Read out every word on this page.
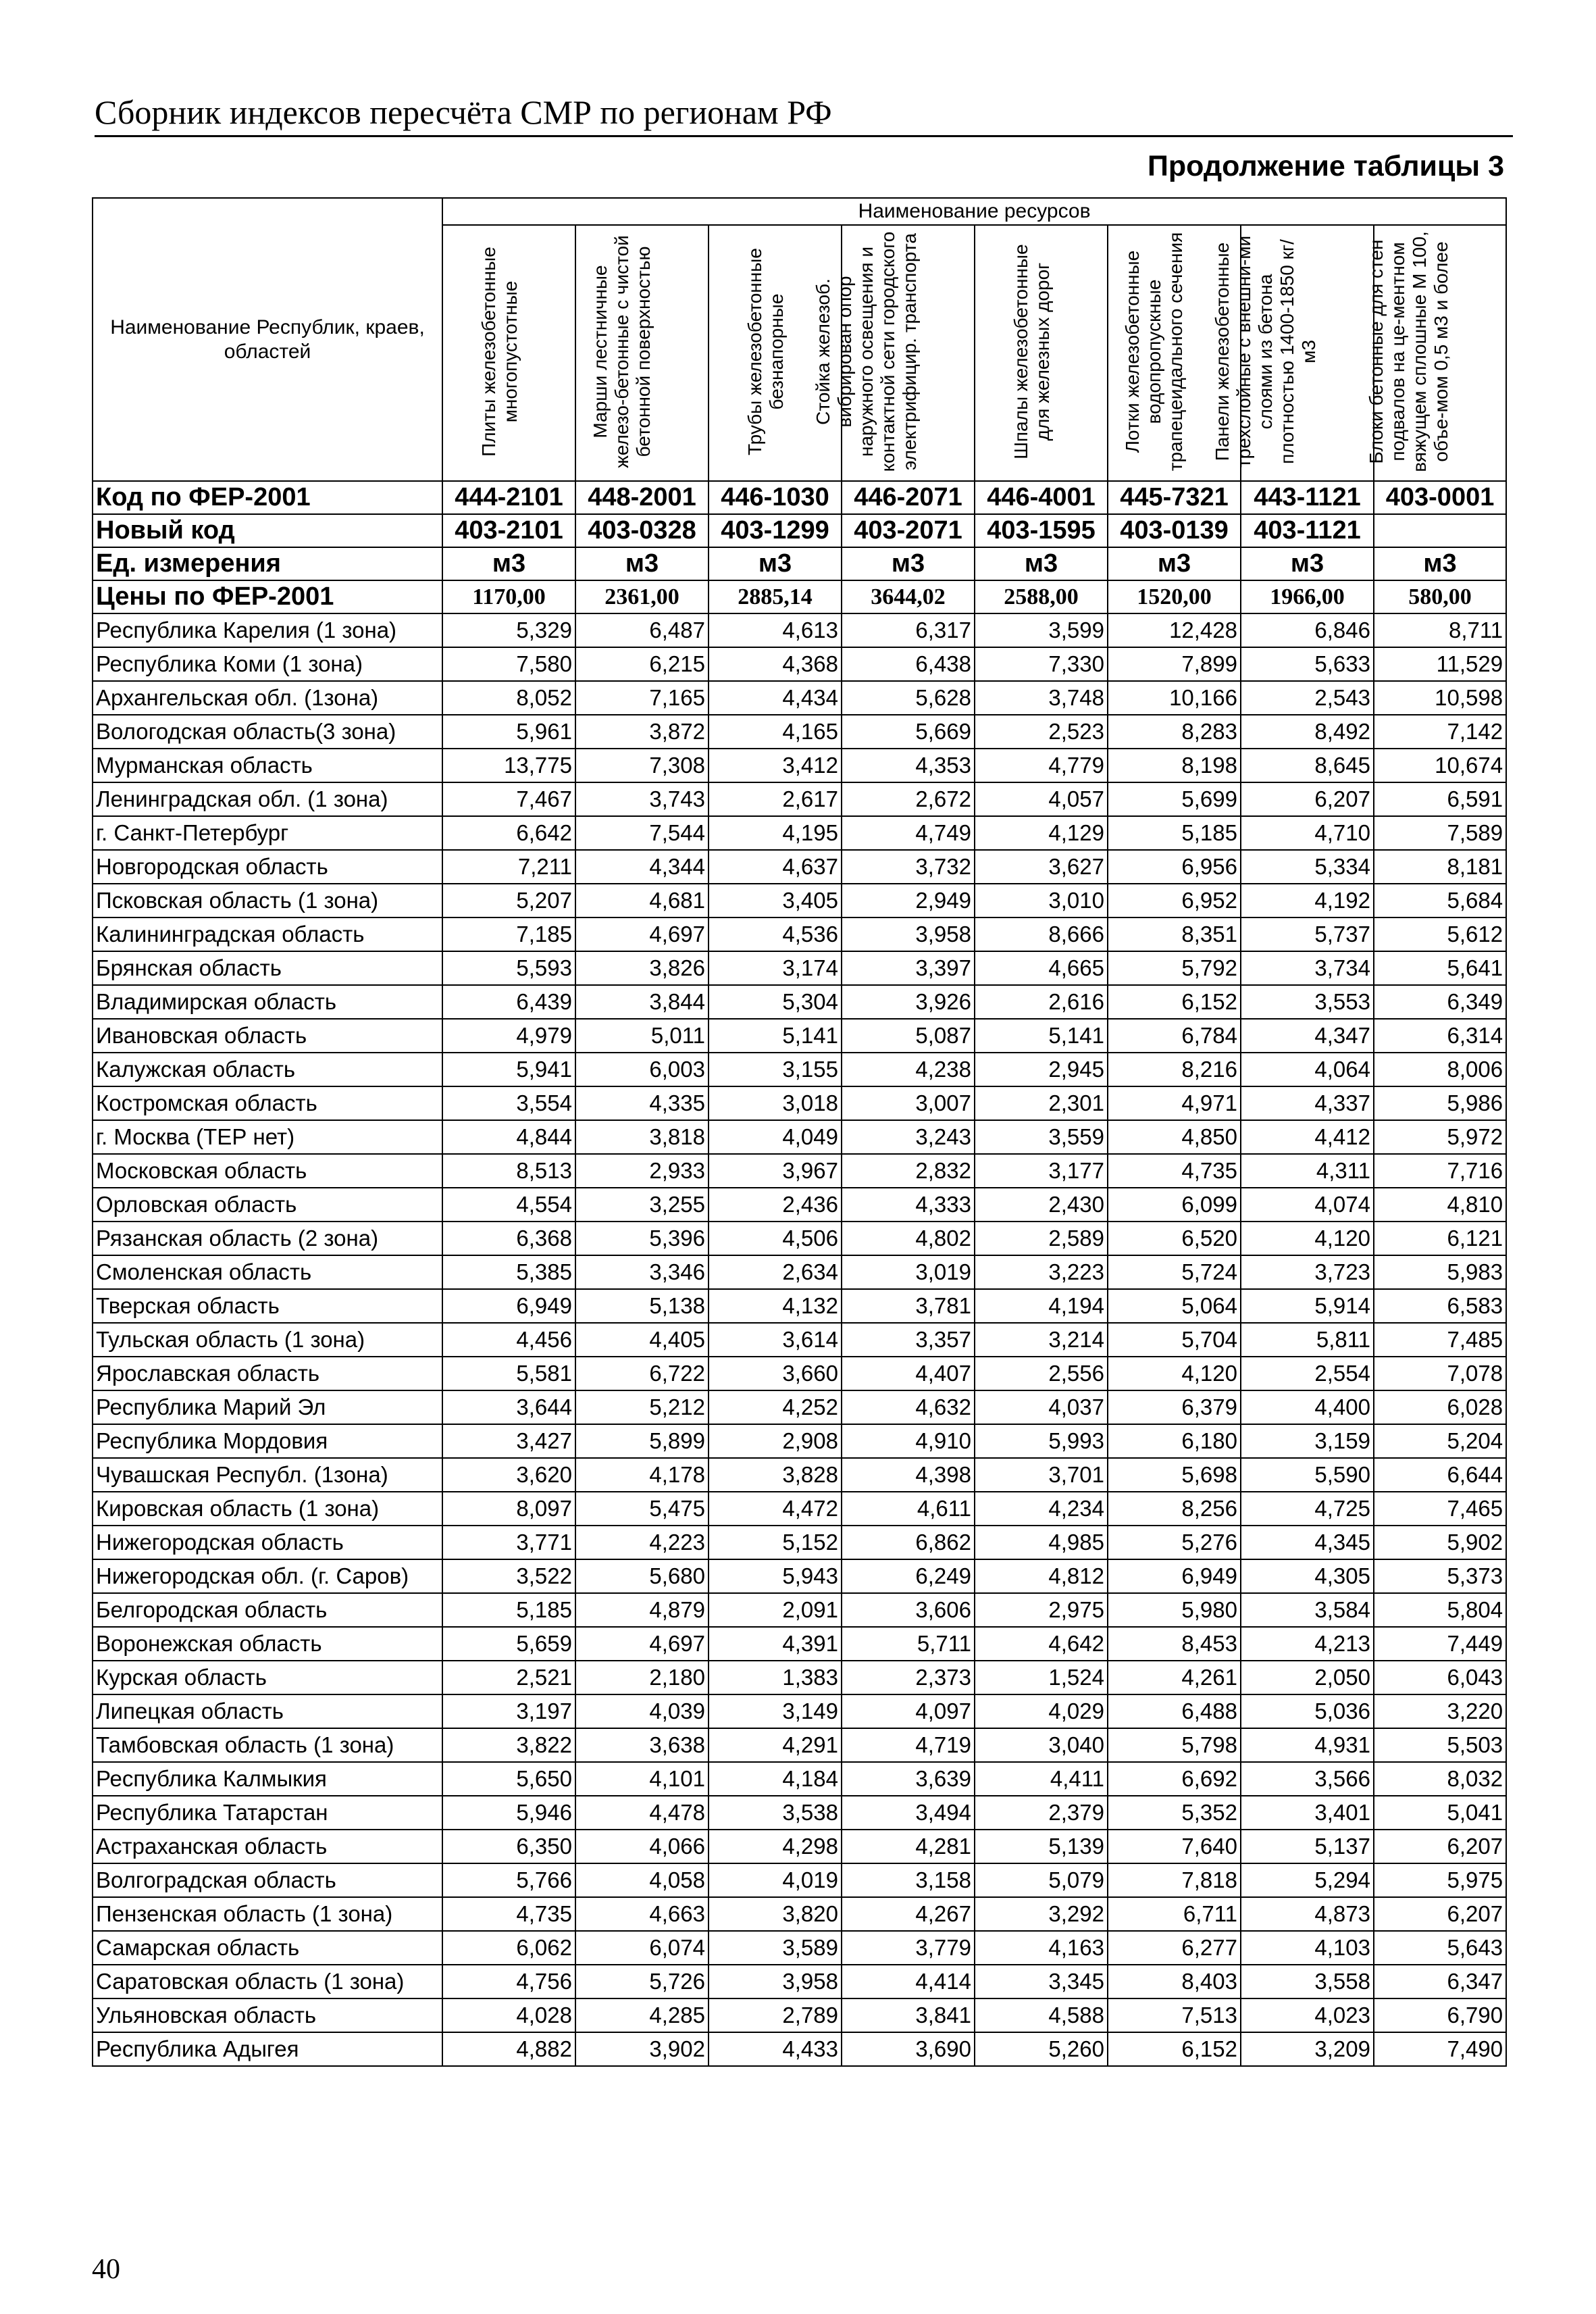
Сборник индексов пересчёта СМР по регионам РФ
Продолжение таблицы 3
Наименование Республик, краев, областей	Наименование ресурсов							

	Плиты железобетонные многопустотные	Марши лестничные железо-бетонные с чистой бетонной поверхностью	Трубы железобетонные безнапорные	Стойка железоб. вибрирован опор наружного освещения и контактной сети городского электрифицир. транспорта	Шпалы железобетонные для железных дорог	Лотки железобетонные водопропускные трапецеидального сечения	Панели железобетонные трехслойные с внешни-ми слоями из бетона плотностью 1400-1850 кг/м3	Блоки бетонные для стен подвалов на це-ментном вяжущем сплошные М 100, объе-мом 0,5 м3 и более

Код по ФЕР-2001	444-2101	448-2001	446-1030	446-2071	446-4001	445-7321	443-1121	403-0001
Новый код	403-2101	403-0328	403-1299	403-2071	403-1595	403-0139	403-1121	
Ед. измерения	м3	м3	м3	м3	м3	м3	м3	м3
Цены по ФЕР-2001	1170,00	2361,00	2885,14	3644,02	2588,00	1520,00	1966,00	580,00
Республика Карелия (1 зона)	5,329	6,487	4,613	6,317	3,599	12,428	6,846	8,711
Республика Коми (1 зона)	7,580	6,215	4,368	6,438	7,330	7,899	5,633	11,529
Архангельская обл. (1зона)	8,052	7,165	4,434	5,628	3,748	10,166	2,543	10,598
Вологодская область(3 зона)	5,961	3,872	4,165	5,669	2,523	8,283	8,492	7,142
Мурманская область	13,775	7,308	3,412	4,353	4,779	8,198	8,645	10,674
Ленинградская обл. (1 зона)	7,467	3,743	2,617	2,672	4,057	5,699	6,207	6,591
г. Санкт-Петербург	6,642	7,544	4,195	4,749	4,129	5,185	4,710	7,589
Новгородская область	7,211	4,344	4,637	3,732	3,627	6,956	5,334	8,181
Псковская область (1 зона)	5,207	4,681	3,405	2,949	3,010	6,952	4,192	5,684
Калининградская область	7,185	4,697	4,536	3,958	8,666	8,351	5,737	5,612
Брянская область	5,593	3,826	3,174	3,397	4,665	5,792	3,734	5,641
Владимирская область	6,439	3,844	5,304	3,926	2,616	6,152	3,553	6,349
Ивановская область	4,979	5,011	5,141	5,087	5,141	6,784	4,347	6,314
Калужская область	5,941	6,003	3,155	4,238	2,945	8,216	4,064	8,006
Костромская область	3,554	4,335	3,018	3,007	2,301	4,971	4,337	5,986
г. Москва (ТЕР нет)	4,844	3,818	4,049	3,243	3,559	4,850	4,412	5,972
Московская область	8,513	2,933	3,967	2,832	3,177	4,735	4,311	7,716
Орловская область	4,554	3,255	2,436	4,333	2,430	6,099	4,074	4,810
Рязанская область (2 зона)	6,368	5,396	4,506	4,802	2,589	6,520	4,120	6,121
Смоленская область	5,385	3,346	2,634	3,019	3,223	5,724	3,723	5,983
Тверская область	6,949	5,138	4,132	3,781	4,194	5,064	5,914	6,583
Тульская область (1 зона)	4,456	4,405	3,614	3,357	3,214	5,704	5,811	7,485
Ярославская область	5,581	6,722	3,660	4,407	2,556	4,120	2,554	7,078
Республика Марий Эл	3,644	5,212	4,252	4,632	4,037	6,379	4,400	6,028
Республика Мордовия	3,427	5,899	2,908	4,910	5,993	6,180	3,159	5,204
Чувашская Республ. (1зона)	3,620	4,178	3,828	4,398	3,701	5,698	5,590	6,644
Кировская область (1 зона)	8,097	5,475	4,472	4,611	4,234	8,256	4,725	7,465
Нижегородская область	3,771	4,223	5,152	6,862	4,985	5,276	4,345	5,902
Нижегородская обл. (г. Саров)	3,522	5,680	5,943	6,249	4,812	6,949	4,305	5,373
Белгородская область	5,185	4,879	2,091	3,606	2,975	5,980	3,584	5,804
Воронежская область	5,659	4,697	4,391	5,711	4,642	8,453	4,213	7,449
Курская область	2,521	2,180	1,383	2,373	1,524	4,261	2,050	6,043
Липецкая область	3,197	4,039	3,149	4,097	4,029	6,488	5,036	3,220
Тамбовская область (1 зона)	3,822	3,638	4,291	4,719	3,040	5,798	4,931	5,503
Республика Калмыкия	5,650	4,101	4,184	3,639	4,411	6,692	3,566	8,032
Республика Татарстан	5,946	4,478	3,538	3,494	2,379	5,352	3,401	5,041
Астраханская область	6,350	4,066	4,298	4,281	5,139	7,640	5,137	6,207
Волгоградская область	5,766	4,058	4,019	3,158	5,079	7,818	5,294	5,975
Пензенская область (1 зона)	4,735	4,663	3,820	4,267	3,292	6,711	4,873	6,207
Самарская область	6,062	6,074	3,589	3,779	4,163	6,277	4,103	5,643
Саратовская область (1 зона)	4,756	5,726	3,958	4,414	3,345	8,403	3,558	6,347
Ульяновская область	4,028	4,285	2,789	3,841	4,588	7,513	4,023	6,790
Республика Адыгея	4,882	3,902	4,433	3,690	5,260	6,152	3,209	7,490
40
